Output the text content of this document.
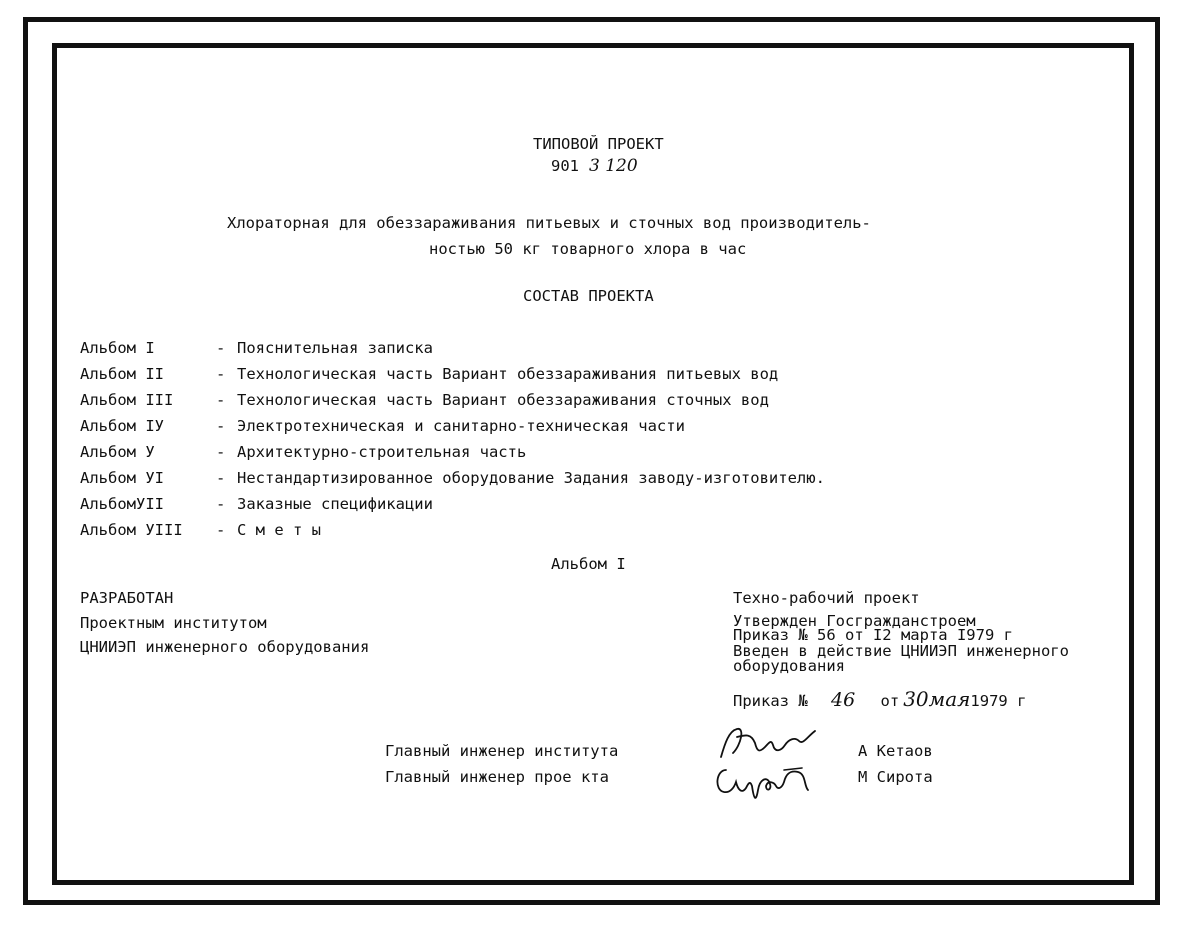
ТИПОВОЙ ПРОЕКТ
901 3 120
Хлораторная для обеззараживания питьевых и сточных вод производитель-
ностью 50 кг товарного хлора в час
СОСТАВ ПРОЕКТА
Альбом I	- Пояснительная записка
Альбом II	- Технологическая часть Вариант обеззараживания питьевых вод
Альбом III	- Технологическая часть Вариант обеззараживания сточных вод
Альбом IУ	- Электротехническая и санитарно-техническая части
Альбом У	- Архитектурно-строительная часть
Альбом УI	- Нестандартизированное оборудование Задания заводу-изготовителю.
АльбомУII	- Заказные спецификации
Альбом УIII - С м е т ы
Альбом I
РАЗРАБОТАН
Проектным институтом
ЦНИИЭП инженерного оборудования
Техно-рабочий проект
Утвержден Госгражданстроем
Приказ № 56 от I2 марта I979 г
Введен в действие ЦНИИЭП инженерного
оборудования
Приказ № 46 от 30мая1979 г
Главный инженер института
Главный инженер прое кта
А Кетаов
М Сирота
